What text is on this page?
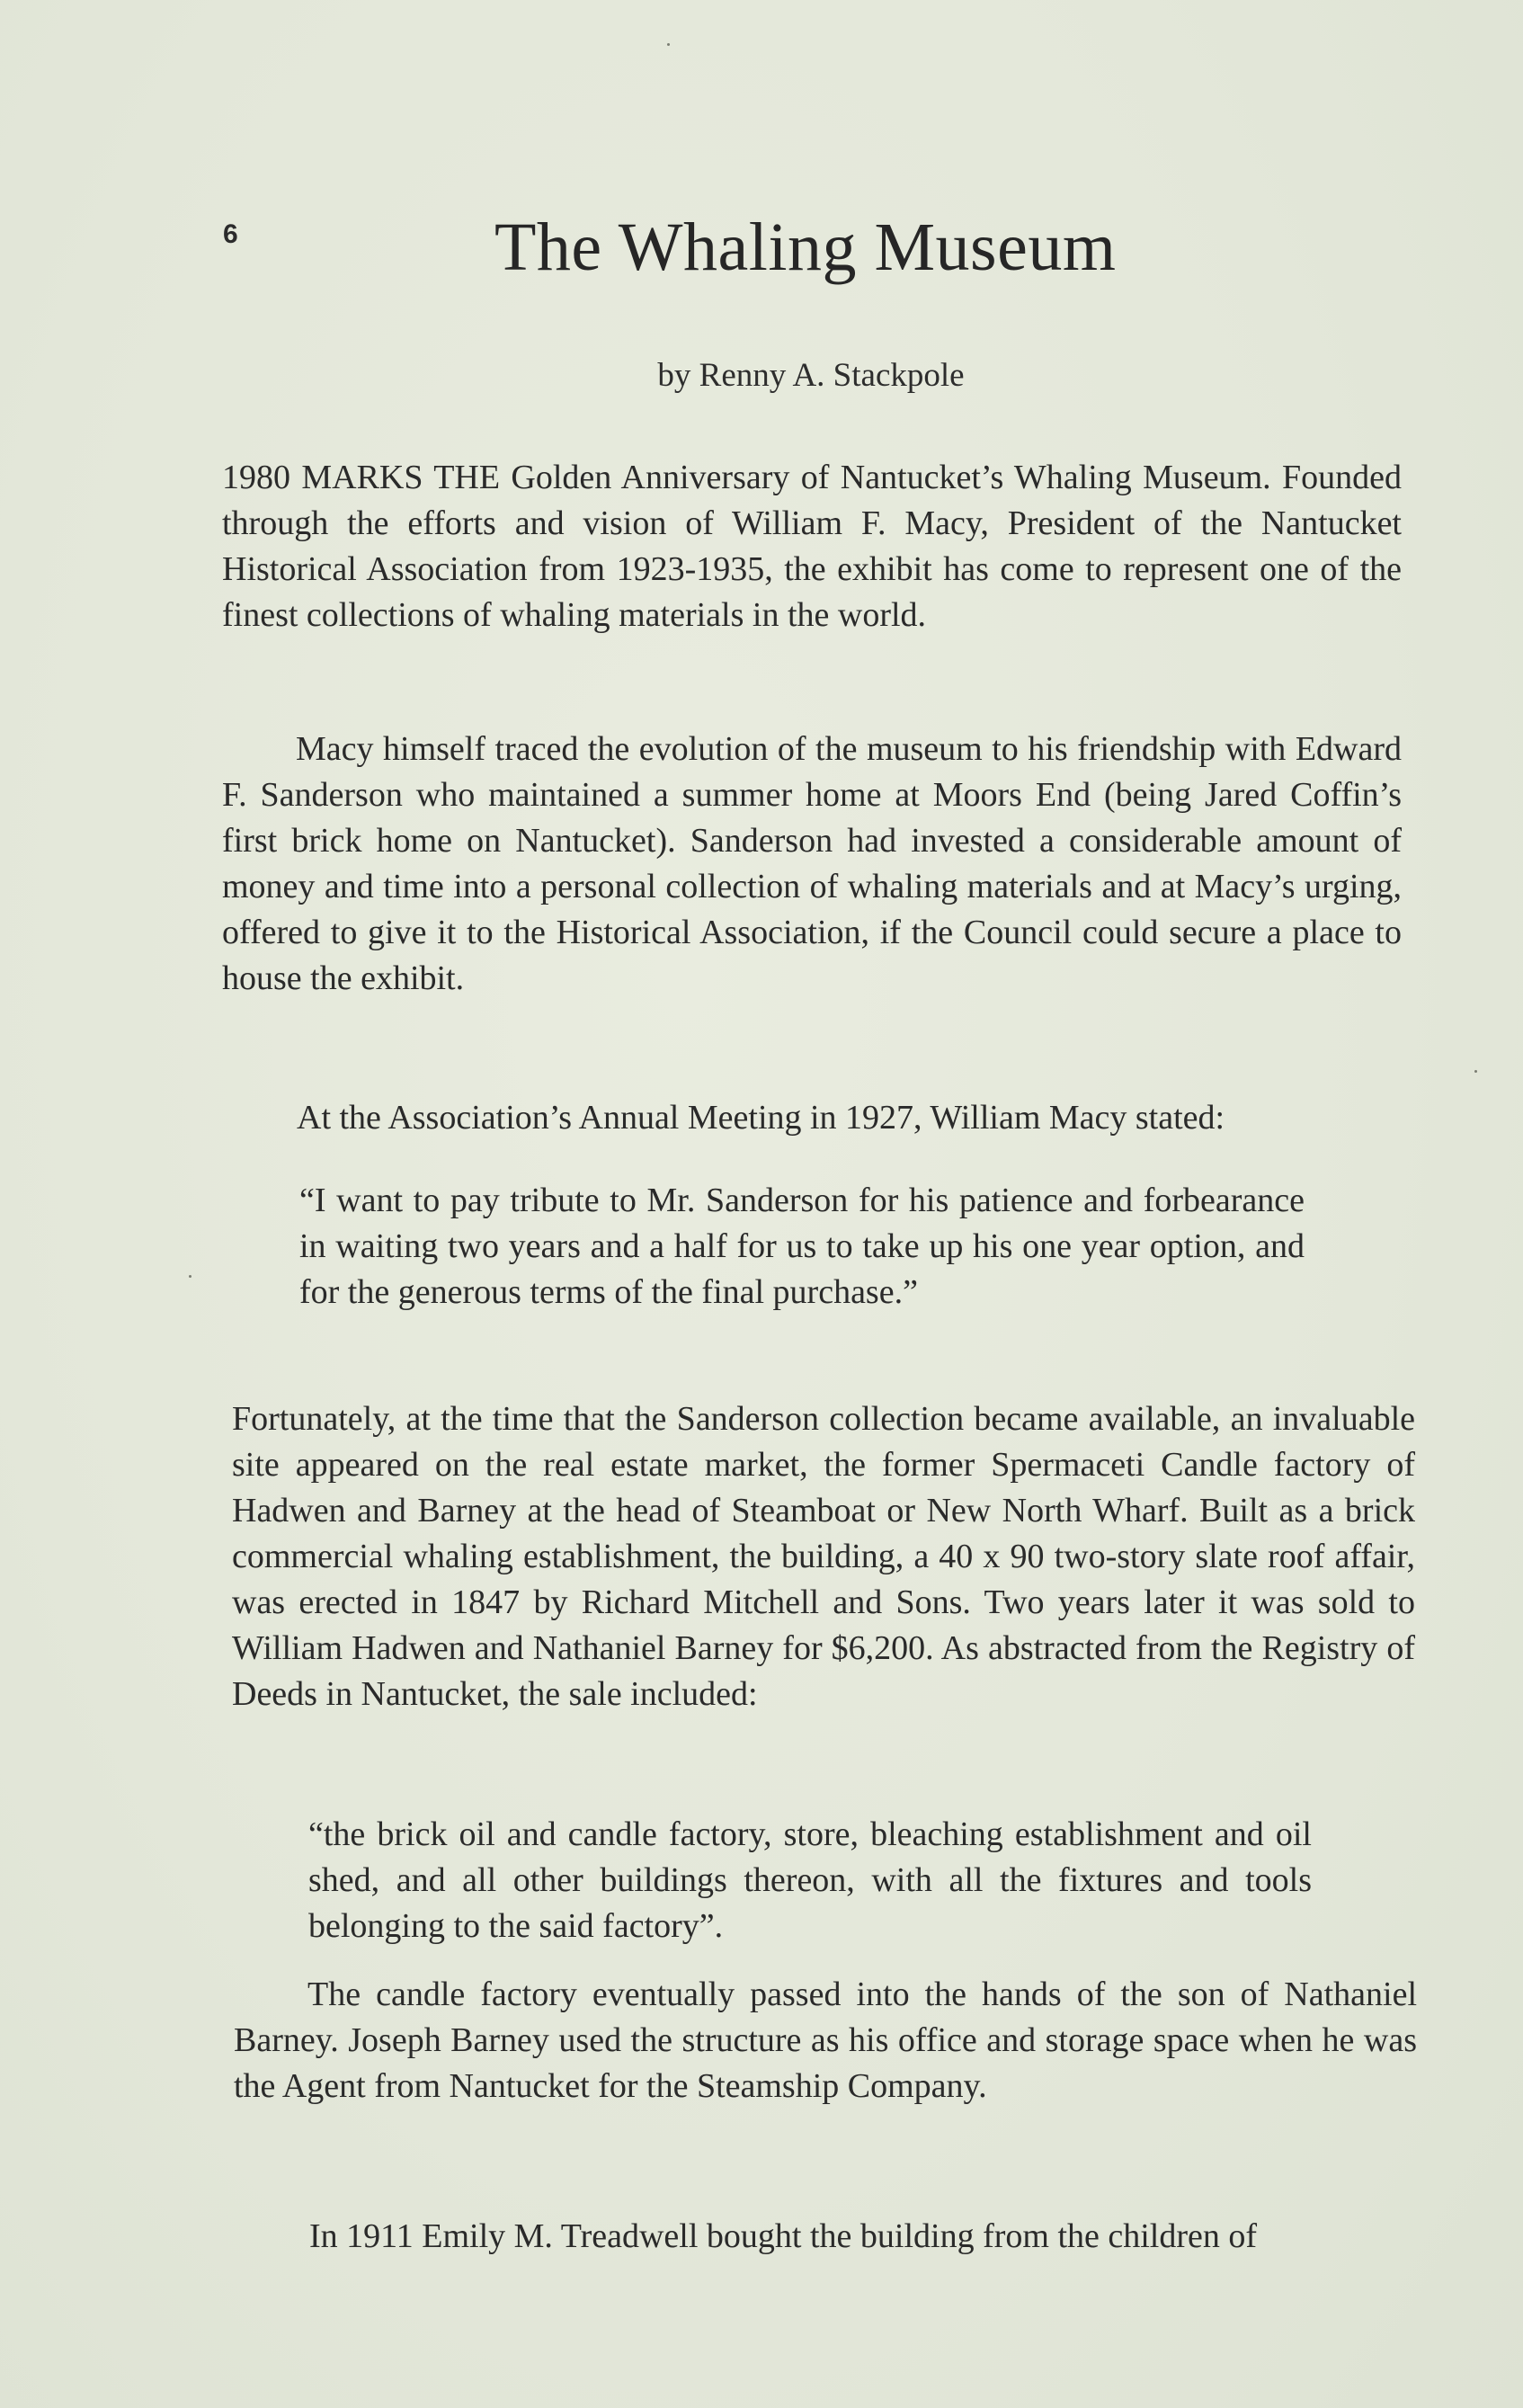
6	The Whaling Museum
by Renny A. Stackpole
1980 MARKS THE Golden Anniversary of Nantucket’s Whaling Museum. Founded through the efforts and vision of William F. Macy, President of the Nantucket Historical Association from 1923-1935, the exhibit has come to represent one of the finest collections of whaling materials in the world.
Macy himself traced the evolution of the museum to his friendship with Edward F. Sanderson who maintained a summer home at Moors End (being Jared Coffin’s first brick home on Nantucket). Sanderson had invested a considerable amount of money and time into a personal collection of whaling materials and at Macy’s urging, offered to give it to the Historical Association, if the Council could secure a place to house the exhibit.
At the Association’s Annual Meeting in 1927, William Macy stated:
“I want to pay tribute to Mr. Sanderson for his patience and forbearance in waiting two years and a half for us to take up his one year option, and for the generous terms of the final purchase.”
Fortunately, at the time that the Sanderson collection became available, an invaluable site appeared on the real estate market, the former Spermaceti Candle factory of Hadwen and Barney at the head of Steamboat or New North Wharf. Built as a brick commercial whaling establishment, the building, a 40 x 90 two-story slate roof affair, was erected in 1847 by Richard Mitchell and Sons. Two years later it was sold to William Hadwen and Nathaniel Barney for $6,200. As abstracted from the Registry of Deeds in Nantucket, the sale included:
“the brick oil and candle factory, store, bleaching establishment and oil shed, and all other buildings thereon, with all the fixtures and tools belonging to the said factory”.
The candle factory eventually passed into the hands of the son of Nathaniel Barney. Joseph Barney used the structure as his office and storage space when he was the Agent from Nantucket for the Steamship Company.
In 1911 Emily M. Treadwell bought the building from the children of
